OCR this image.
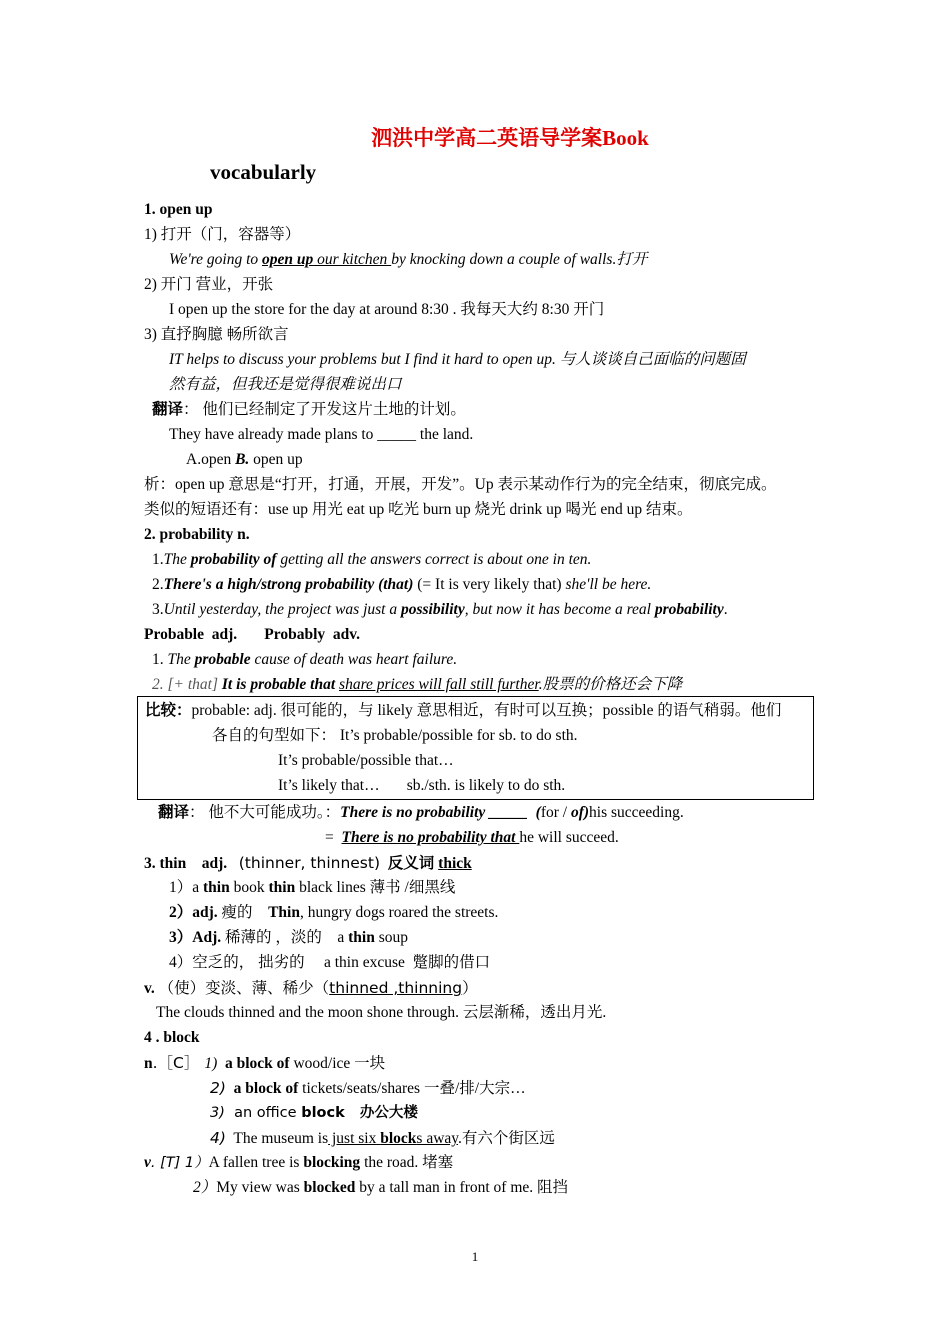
泗洪中学高二英语导学案Book
vocabularly
1. open up
1) 打开（门，容器等）
We're going to open up our kitchen by knocking down a couple of walls.打开
2) 开门 营业，开张
I open up the store for the day at around 8:30 . 我每天大约 8:30 开门
3) 直抒胸臆 畅所欲言
IT helps to discuss your problems but I find it hard to open up. 与人谈谈自己面临的问题固
然有益，但我还是觉得很难说出口
翻译： 他们已经制定了开发这片土地的计划。
They have already made plans to _____ the land.
A.open B. open up
析：open up 意思是“打开，打通，开展，开发”。Up 表示某动作行为的完全结束，彻底完成。
类似的短语还有：use up 用光 eat up 吃光 burn up 烧光 drink up 喝光 end up 结束。
2. probability n.
1.The probability of getting all the answers correct is about one in ten.
2.There's a high/strong probability (that) (= It is very likely that) she'll be here.
3.Until yesterday, the project was just a possibility, but now it has become a real probability.
Probable  adj.       Probably  adv.
1. The probable cause of death was heart failure.
2. [+ that] It is probable that share prices will fall still further.股票的价格还会下降
比较：probable: adj. 很可能的，与 likely 意思相近，有时可以互换；possible 的语气稍弱。他们
各自的句型如下： It’s probable/possible for sb. to do sth.
It’s probable/possible that…
It’s likely that…       sb./sth. is likely to do sth.
翻译： 他不大可能成功。：There is no probability _____  (for / of)his succeeding.
=  There is no probability that he will succeed.
3. thin    adj. (thinner, thinnest) 反义词 thick
1）a thin book thin black lines 薄书 /细黑线
2）adj. 瘦的    Thin, hungry dogs roared the streets.
3）Adj. 稀薄的 ，淡的    a thin soup
4）空乏的， 拙劣的     a thin excuse  蹩脚的借口
v. （使）变淡、薄、稀少（thinned ,thinning）
The clouds thinned and the moon shone through. 云层渐稀，透出月光.
4 . block
n.［C］ 1)  a block of wood/ice 一块
2)  a block of tickets/seats/shares 一叠/排/大宗…
3)  an office block   办公大楼
4)  The museum is just six blocks away.有六个街区远
v. [T] 1）A fallen tree is blocking the road. 堵塞
2）My view was blocked by a tall man in front of me. 阻挡
1
